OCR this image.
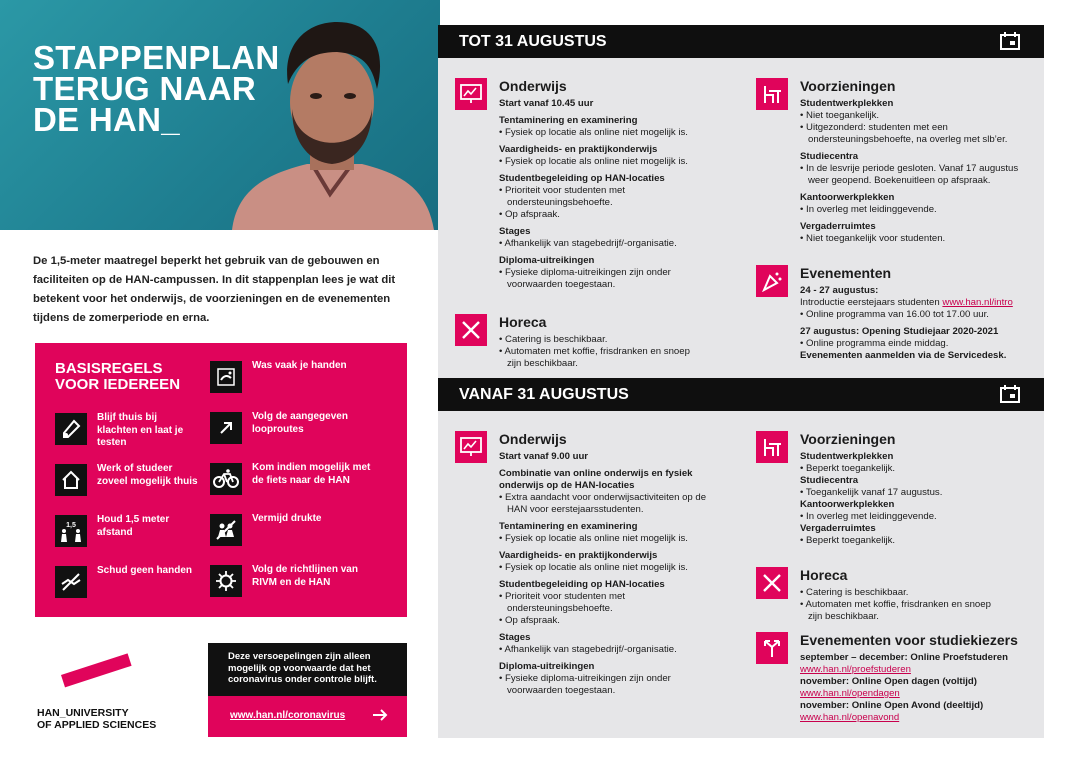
STAPPENPLAN
TERUG NAAR
DE HAN_
De 1,5-meter maatregel beperkt het gebruik van de gebouwen en faciliteiten op de HAN-campussen. In dit stappenplan lees je wat dit betekent voor het onderwijs, de voorzieningen en de evenementen tijdens de zomerperiode en erna.
BASISREGELS
VOOR IEDEREEN
Blijf thuis bij
klachten en laat je
testen
Werk of studeer
zoveel mogelijk thuis
1,5
Houd 1,5 meter
afstand
Schud geen handen
Was vaak je handen
Volg de aangegeven
looproutes
Kom indien mogelijk met
de fiets naar de HAN
Vermijd drukte
Volg de richtlijnen van
RIVM en de HAN
HAN_UNIVERSITY
OF APPLIED SCIENCES
Deze versoepelingen zijn alleen
mogelijk op voorwaarde dat het
coronavirus onder controle blijft.
www.han.nl/coronavirus
TOT 31 AUGUSTUS
Onderwijs
Start vanaf 10.45 uur
Tentaminering en examinering
• Fysiek op locatie als online niet mogelijk is.
Vaardigheids- en praktijkonderwijs
• Fysiek op locatie als online niet mogelijk is.
Studentbegeleiding op HAN-locaties
• Prioriteit voor studenten met
ondersteuningsbehoefte.
• Op afspraak.
Stages
• Afhankelijk van stagebedrijf/-organisatie.
Diploma-uitreikingen
• Fysieke diploma-uitreikingen zijn onder
voorwaarden toegestaan.
Horeca
• Catering is beschikbaar.
• Automaten met koffie, frisdranken en snoep
zijn beschikbaar.
Voorzieningen
Studentwerkplekken
• Niet toegankelijk.
• Uitgezonderd: studenten met een
ondersteuningsbehoefte, na overleg met slb’er.
Studiecentra
• In de lesvrije periode gesloten. Vanaf 17 augustus
weer geopend. Boekenuitleen op afspraak.
Kantoorwerkplekken
• In overleg met leidinggevende.
Vergaderruimtes
• Niet toegankelijk voor studenten.
Evenementen
24 - 27 augustus:
Introductie eerstejaars studenten www.han.nl/intro
• Online programma van 16.00 tot 17.00 uur.
27 augustus: Opening Studiejaar 2020-2021
• Online programma einde middag.
Evenementen aanmelden via de Servicedesk.
VANAF 31 AUGUSTUS
Onderwijs
Start vanaf 9.00 uur
Combinatie van online onderwijs en fysiek
onderwijs op de HAN-locaties
• Extra aandacht voor onderwijsactiviteiten op de
HAN voor eerstejaarsstudenten.
Tentaminering en examinering
• Fysiek op locatie als online niet mogelijk is.
Vaardigheids- en praktijkonderwijs
• Fysiek op locatie als online niet mogelijk is.
Studentbegeleiding op HAN-locaties
• Prioriteit voor studenten met
ondersteuningsbehoefte.
• Op afspraak.
Stages
• Afhankelijk van stagebedrijf/-organisatie.
Diploma-uitreikingen
• Fysieke diploma-uitreikingen zijn onder
voorwaarden toegestaan.
Voorzieningen
Studentwerkplekken
• Beperkt toegankelijk.
Studiecentra
• Toegankelijk vanaf 17 augustus.
Kantoorwerkplekken
• In overleg met leidinggevende.
Vergaderruimtes
• Beperkt toegankelijk.
Horeca
• Catering is beschikbaar.
• Automaten met koffie, frisdranken en snoep
zijn beschikbaar.
Evenementen voor studiekiezers
september – december: Online Proefstuderen
www.han.nl/proefstuderen
november: Online Open dagen (voltijd)
www.han.nl/opendagen
november: Online Open Avond (deeltijd)
www.han.nl/openavond
